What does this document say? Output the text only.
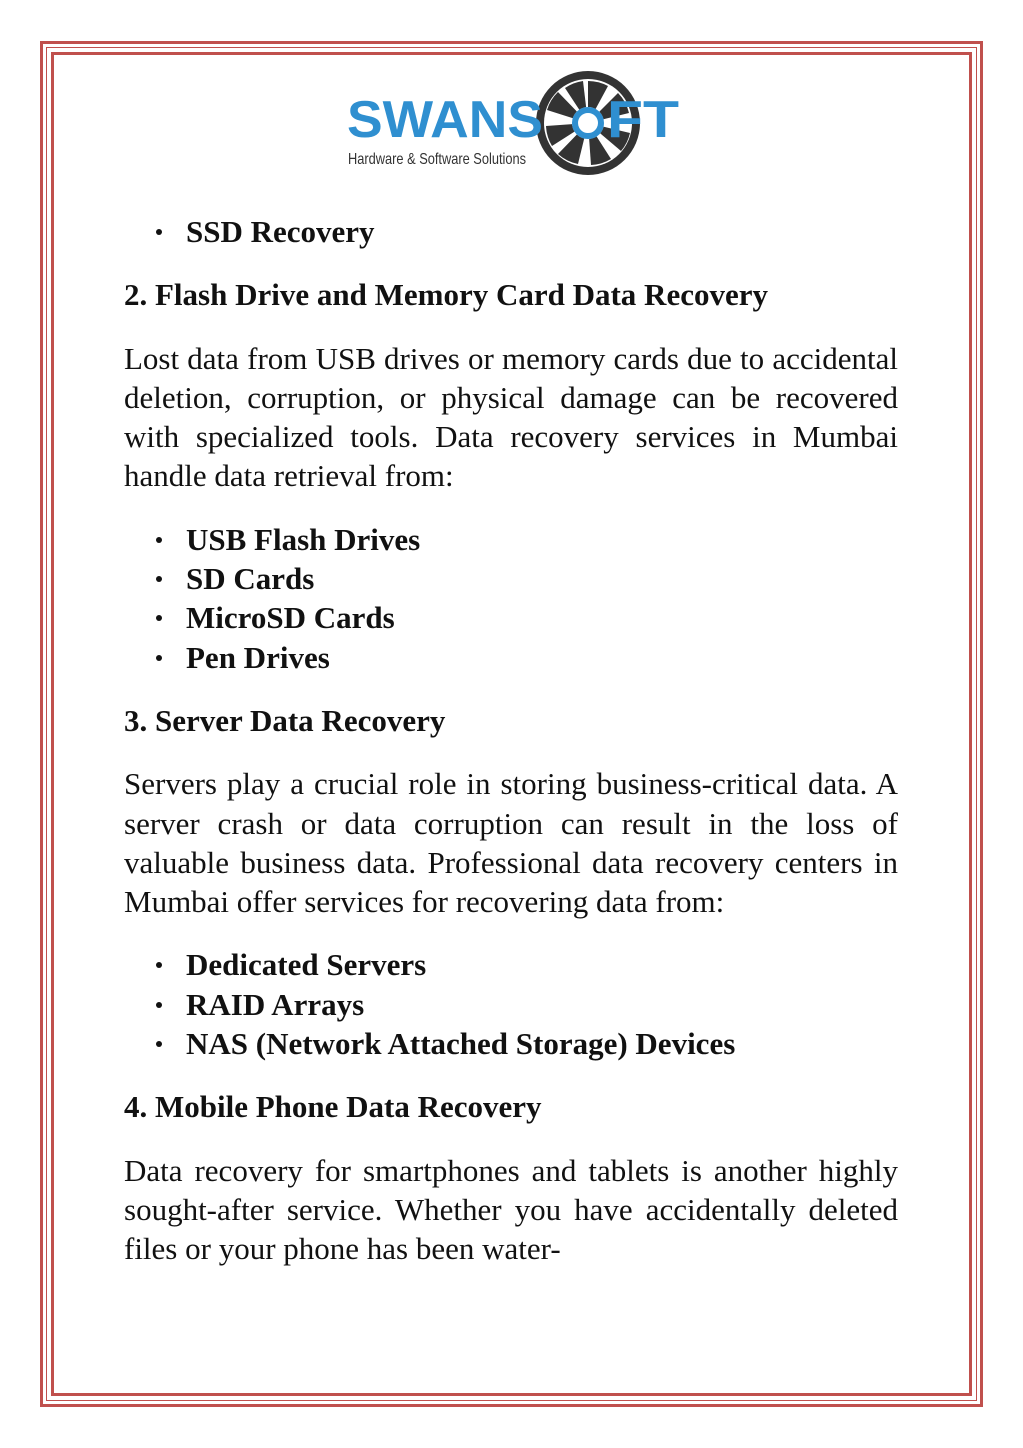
SWANS FT
Hardware & Software Solutions
SSD Recovery
2. Flash Drive and Memory Card Data Recovery

Lost data from USB drives or memory cards due to accidental deletion, corruption, or physical damage can be recovered with specialized tools. Data recovery services in Mumbai handle data retrieval from:

USB Flash Drives
SD Cards
MicroSD Cards
Pen Drives
3. Server Data Recovery

Servers play a crucial role in storing business-critical data. A server crash or data corruption can result in the loss of valuable business data. Professional data recovery centers in Mumbai offer services for recovering data from:

Dedicated Servers
RAID Arrays
NAS (Network Attached Storage) Devices
4. Mobile Phone Data Recovery

Data recovery for smartphones and tablets is another highly sought-after service. Whether you have accidentally deleted files or your phone has been water-
